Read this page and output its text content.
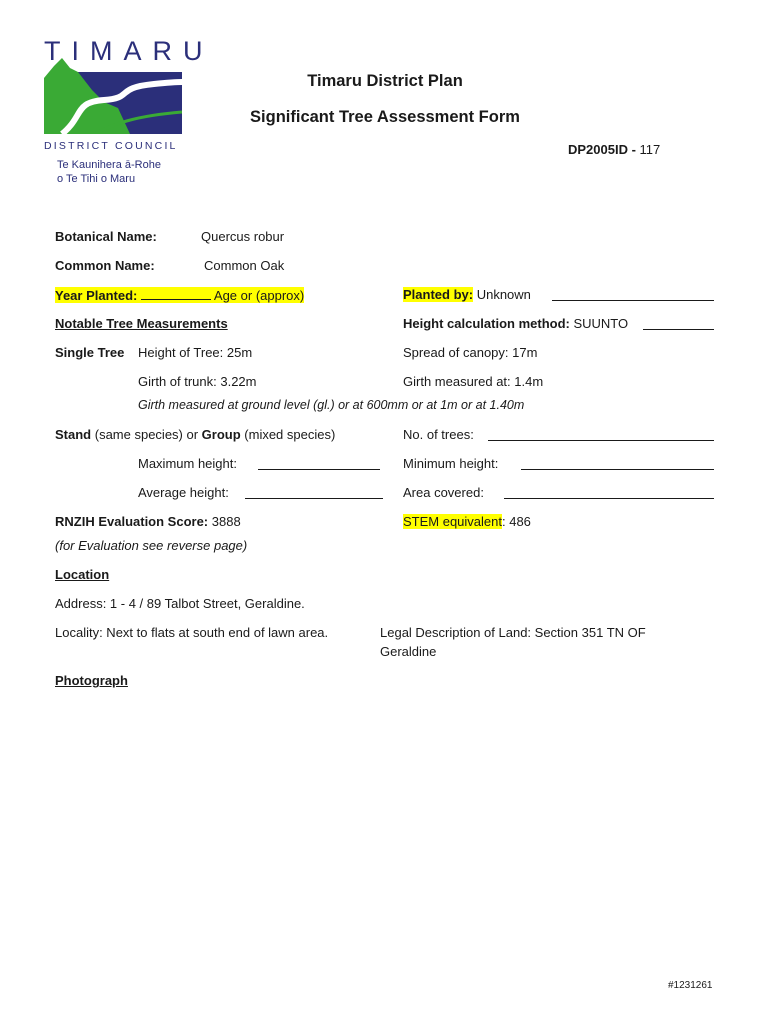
TIMARU
DISTRICT COUNCIL
Te Kaunihera ā-Rohe
o Te Tihi o Maru
Timaru District Plan
Significant Tree Assessment Form
DP2005ID - 117
Botanical Name:	Quercus robur
Common Name:	Common Oak
Year Planted:	Age or (approx)	Planted by: Unknown
Notable Tree Measurements	Height calculation method: SUUNTO
Single Tree Height of Tree: 25m	Spread of canopy: 17m
Girth of trunk: 3.22m	Girth measured at: 1.4m
Girth measured at ground level (gl.) or at 600mm or at 1m or at 1.40m
Stand (same species) or Group (mixed species)	No. of trees:
Maximum height:	Minimum height:
Average height:	Area covered:
RNZIH Evaluation Score: 3888	STEM equivalent: 486
(for Evaluation see reverse page)
Location
Address: 1 - 4 / 89 Talbot Street, Geraldine.
Locality: Next to flats at south end of lawn area.	Legal Description of Land: Section 351 TN OF
Geraldine
Photograph
#1231261
